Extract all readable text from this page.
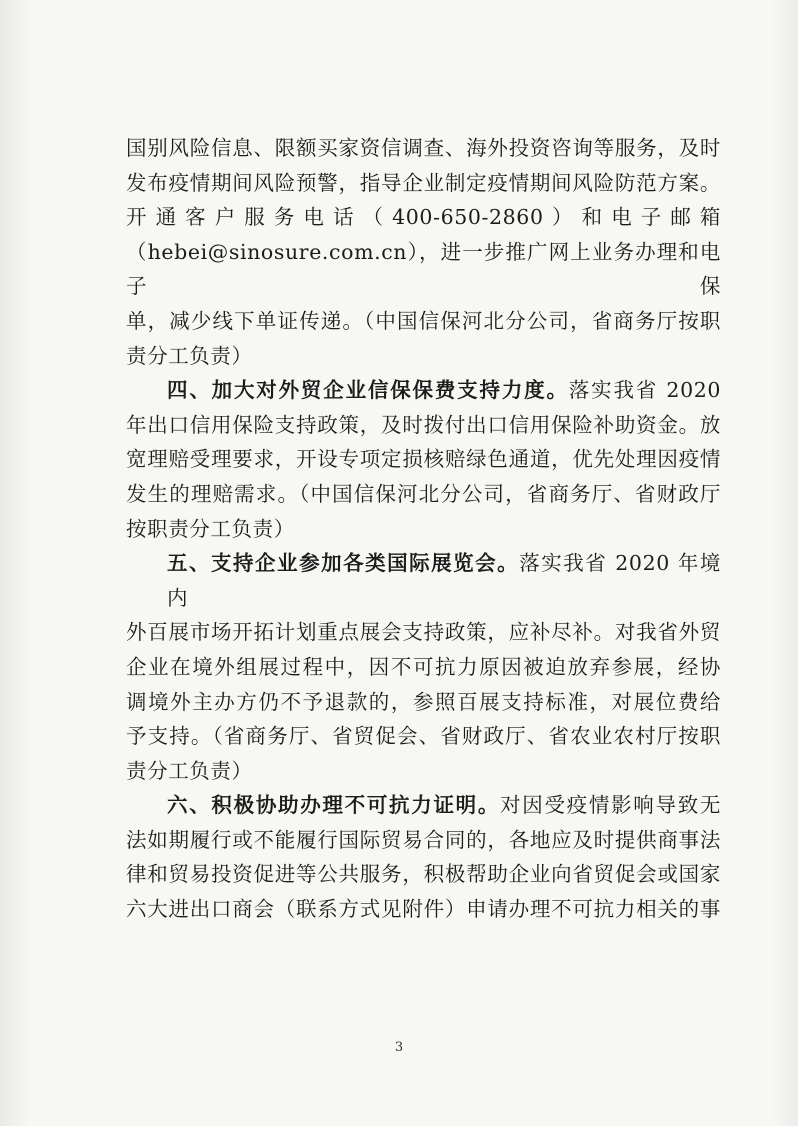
国别风险信息、限额买家资信调查、海外投资咨询等服务，及时
发布疫情期间风险预警，指导企业制定疫情期间风险防范方案。
开通客户服务电话（400-650-2860）和电子邮箱
（hebei@sinosure.com.cn），进一步推广网上业务办理和电子保
单，减少线下单证传递。（中国信保河北分公司，省商务厅按职
责分工负责）
四、加大对外贸企业信保保费支持力度。落实我省 2020
年出口信用保险支持政策，及时拨付出口信用保险补助资金。放
宽理赔受理要求，开设专项定损核赔绿色通道，优先处理因疫情
发生的理赔需求。（中国信保河北分公司，省商务厅、省财政厅
按职责分工负责）
五、支持企业参加各类国际展览会。落实我省 2020 年境内
外百展市场开拓计划重点展会支持政策，应补尽补。对我省外贸
企业在境外组展过程中，因不可抗力原因被迫放弃参展，经协
调境外主办方仍不予退款的，参照百展支持标准，对展位费给
予支持。（省商务厅、省贸促会、省财政厅、省农业农村厅按职
责分工负责）
六、积极协助办理不可抗力证明。对因受疫情影响导致无
法如期履行或不能履行国际贸易合同的，各地应及时提供商事法
律和贸易投资促进等公共服务，积极帮助企业向省贸促会或国家
六大进出口商会（联系方式见附件）申请办理不可抗力相关的事
3
